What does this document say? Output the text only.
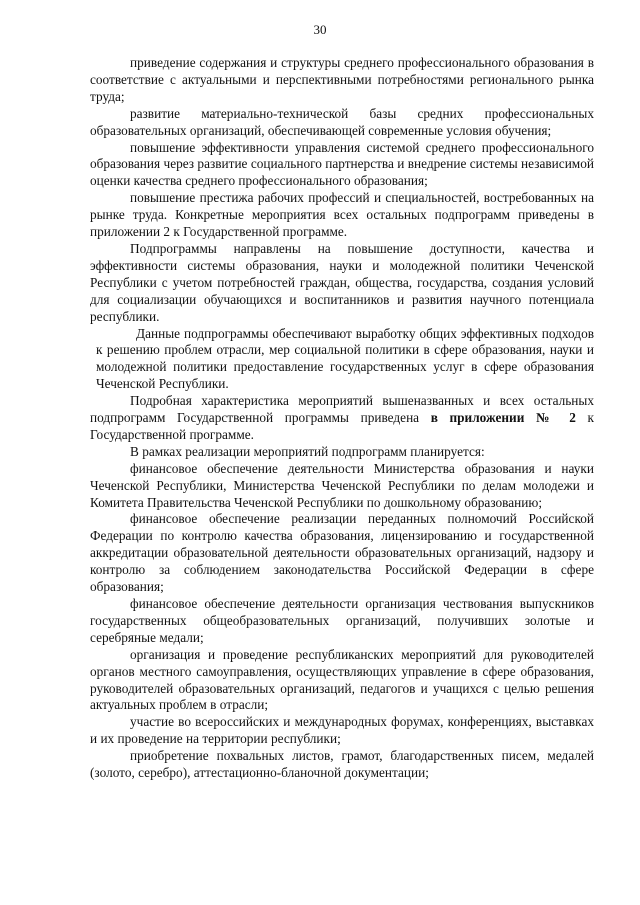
30

приведение содержания и структуры среднего профессионального образования в соответствие с актуальными и перспективными потребностями регионального рынка труда;

развитие материально-технической базы средних профессиональных образовательных организаций, обеспечивающей современные условия обучения;

повышение эффективности управления системой среднего профессионального образования через развитие социального партнерства и внедрение системы независимой оценки качества среднего профессионального образования;

повышение престижа рабочих профессий и специальностей, востребованных на рынке труда. Конкретные мероприятия всех остальных подпрограмм приведены в приложении 2 к Государственной программе.

Подпрограммы направлены на повышение доступности, качества и эффективности системы образования, науки и молодежной политики Чеченской Республики с учетом потребностей граждан, общества, государства, создания условий для социализации обучающихся и воспитанников и развития научного потенциала республики.

Данные подпрограммы обеспечивают выработку общих эффективных подходов к решению проблем отрасли, мер социальной политики в сфере образования, науки и молодежной политики предоставление государственных услуг в сфере образования Чеченской Республики.

Подробная характеристика мероприятий вышеназванных и всех остальных подпрограмм Государственной программы приведена в приложении № 2 к Государственной программе.

В рамках реализации мероприятий подпрограмм планируется:

финансовое обеспечение деятельности Министерства образования и науки Чеченской Республики, Министерства Чеченской Республики по делам молодежи и Комитета Правительства Чеченской Республики по дошкольному образованию;

финансовое обеспечение реализации переданных полномочий Российской Федерации по контролю качества образования, лицензированию и государственной аккредитации образовательной деятельности образовательных организаций, надзору и контролю за соблюдением законодательства Российской Федерации в сфере образования;

финансовое обеспечение деятельности организация чествования выпускников государственных общеобразовательных организаций, получивших золотые и серебряные медали;

организация и проведение республиканских мероприятий для руководителей органов местного самоуправления, осуществляющих управление в сфере образования, руководителей образовательных организаций, педагогов и учащихся с целью решения актуальных проблем в отрасли;

участие во всероссийских и международных форумах, конференциях, выставках и их проведение на территории республики;

приобретение похвальных листов, грамот, благодарственных писем, медалей (золото, серебро), аттестационно-бланочной документации;
